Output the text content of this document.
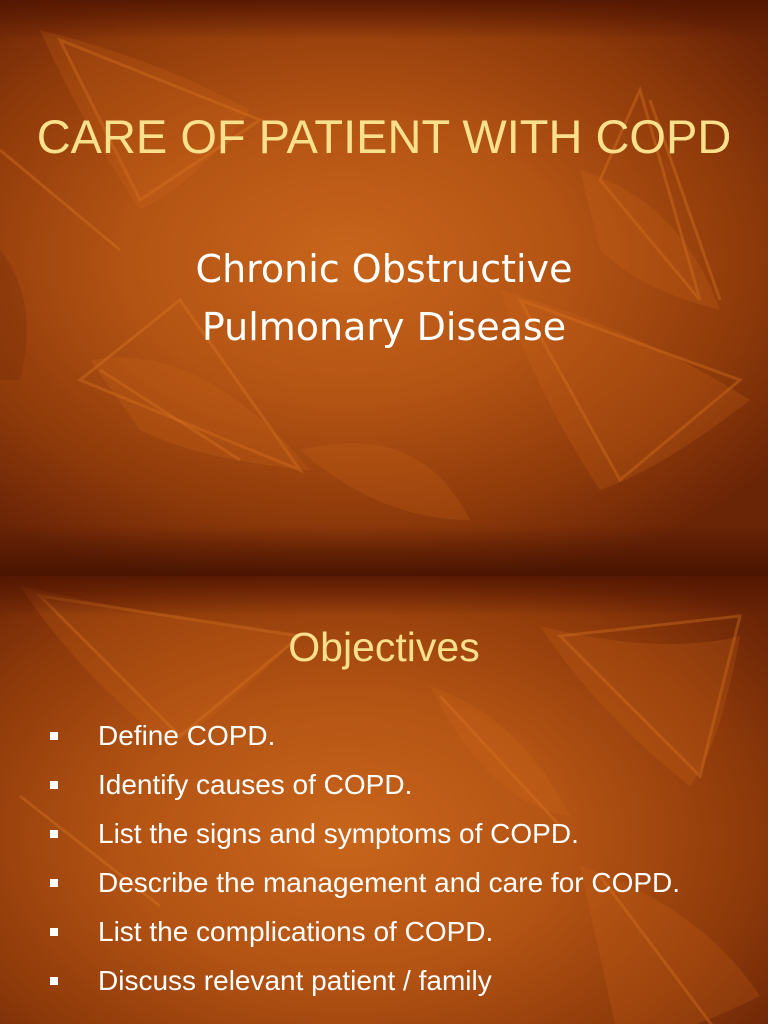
CARE OF PATIENT WITH COPD
Chronic Obstructive
Pulmonary Disease
Objectives
Define COPD.
Identify causes of COPD.
List the signs and symptoms of COPD.
Describe the management and care for COPD.
List the complications of COPD.
Discuss relevant patient / family
